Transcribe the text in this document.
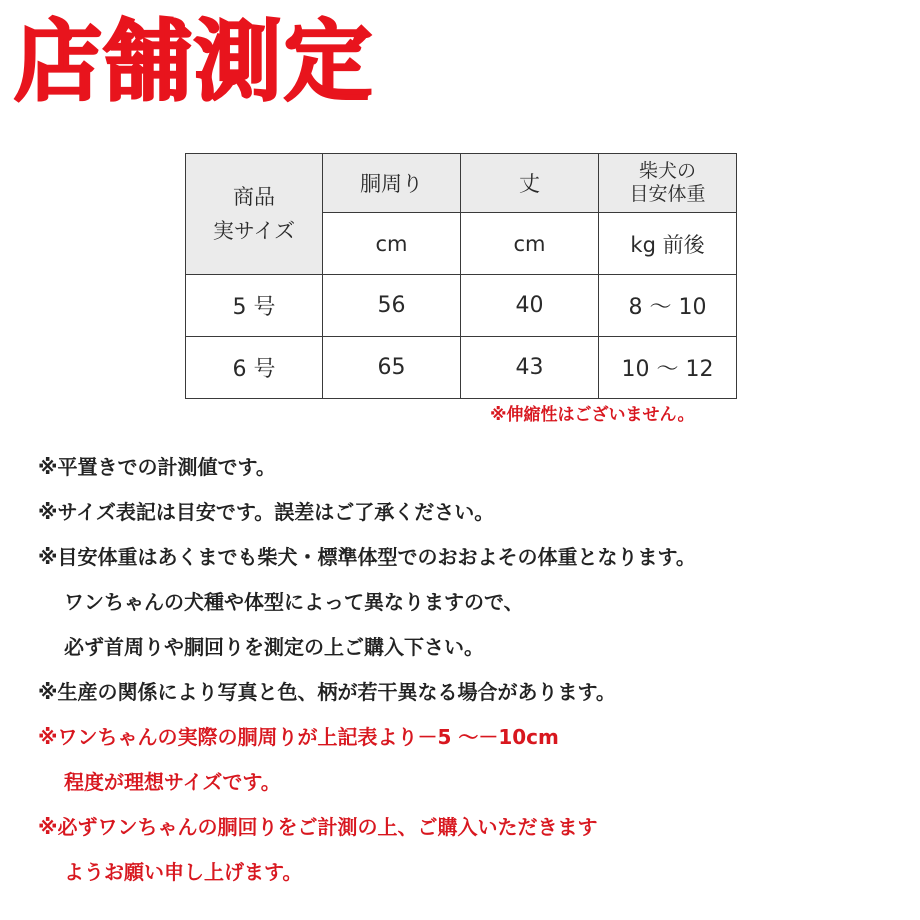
店舗測定
商品
実サイズ	胴周り	丈	柴犬の
目安体重
	cm	cm	kg 前後
5 号	56	40	8 ～ 10
6 号	65	43	10 ～ 12

※伸縮性はございません。

※平置きでの計測値です。
※サイズ表記は目安です。誤差はご了承ください。
※目安体重はあくまでも柴犬・標準体型でのおおよその体重となります。
ワンちゃんの犬種や体型によって異なりますので、
必ず首周りや胴回りを測定の上ご購入下さい。
※生産の関係により写真と色、柄が若干異なる場合があります。
※ワンちゃんの実際の胴周りが上記表より－5 ～－10cm
程度が理想サイズです。
※必ずワンちゃんの胴回りをご計測の上、ご購入いただきます
ようお願い申し上げます。
